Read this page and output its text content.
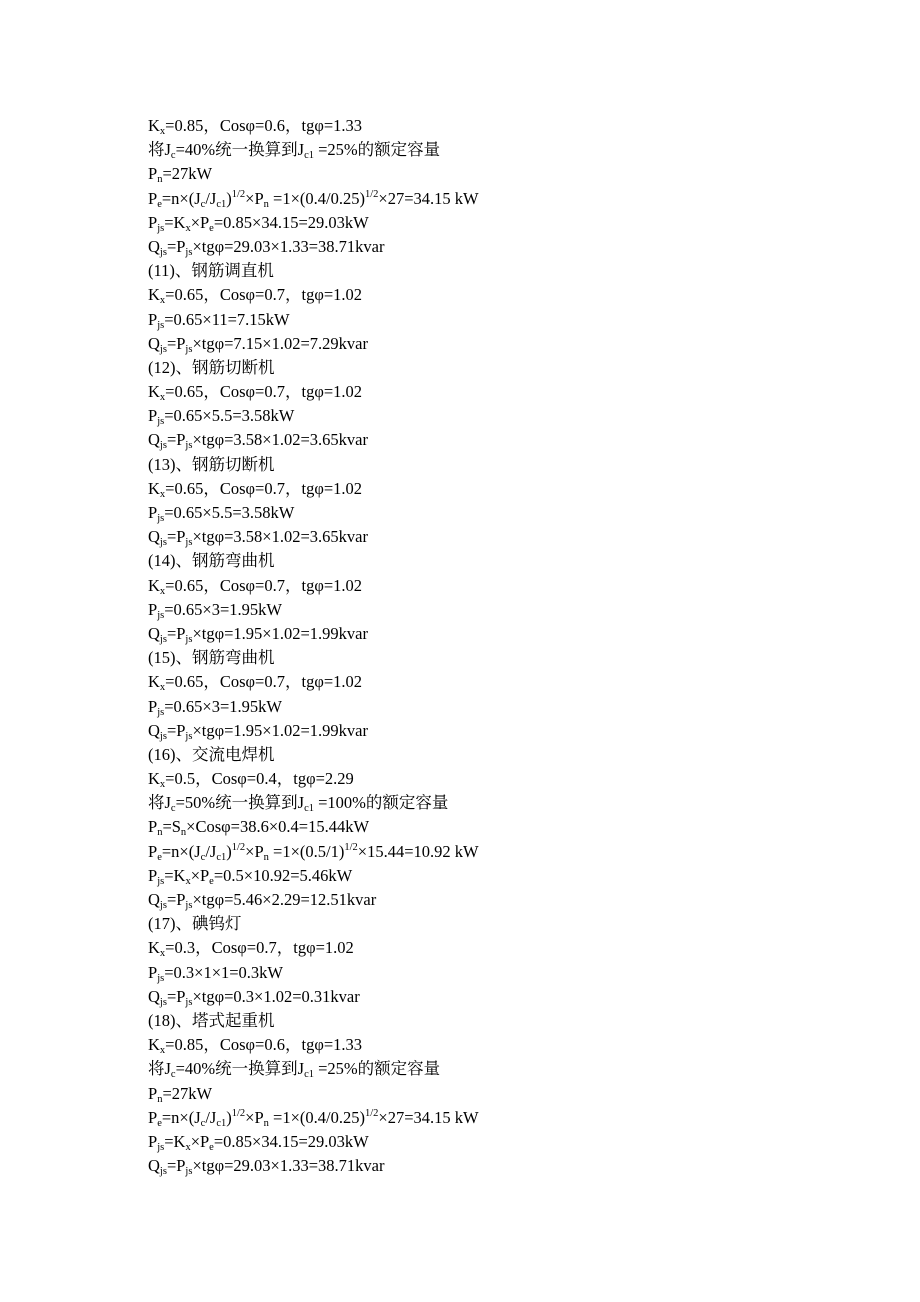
$K_x=0.85$，Cosφ=0.6，tgφ=1.33
将$J_c=40\%$统一换算到$J_{c1} =25\%$的额定容量
$P_n=27kW$
$P_e=n\times(J_c/J_{c1})^{1/2}\times P_n =1\times(0.4/0.25)^{1/2}\times 27=34.15$ kW
$P_{js}=K_x\times P_e=0.85\times 34.15=29.03kW$
$Q_{js}=P_{js}\times tg\varphi=29.03\times 1.33=38.71kvar$
(11)、钢筋调直机
$K_x=0.65$，Cosφ=0.7，tgφ=1.02
$P_{js}=0.65\times 11=7.15kW$
$Q_{js}=P_{js}\times tg\varphi=7.15\times 1.02=7.29kvar$
(12)、钢筋切断机
$K_x=0.65$，Cosφ=0.7，tgφ=1.02
$P_{js}=0.65\times 5.5=3.58kW$
$Q_{js}=P_{js}\times tg\varphi=3.58\times 1.02=3.65kvar$
(13)、钢筋切断机
$K_x=0.65$，Cosφ=0.7，tgφ=1.02
$P_{js}=0.65\times 5.5=3.58kW$
$Q_{js}=P_{js}\times tg\varphi=3.58\times 1.02=3.65kvar$
(14)、钢筋弯曲机
$K_x=0.65$，Cosφ=0.7，tgφ=1.02
$P_{js}=0.65\times 3=1.95kW$
$Q_{js}=P_{js}\times tg\varphi=1.95\times 1.02=1.99kvar$
(15)、钢筋弯曲机
$K_x=0.65$，Cosφ=0.7，tgφ=1.02
$P_{js}=0.65\times 3=1.95kW$
$Q_{js}=P_{js}\times tg\varphi=1.95\times 1.02=1.99kvar$
(16)、交流电焊机
$K_x=0.5$，Cosφ=0.4，tgφ=2.29
将$J_c=50\%$统一换算到$J_{c1} =100\%$的额定容量
$P_n=S_n\times Cos\varphi=38.6\times 0.4=15.44kW$
$P_e=n\times(J_c/J_{c1})^{1/2}\times P_n =1\times(0.5/1)^{1/2}\times 15.44=10.92$ kW
$P_{js}=K_x\times P_e=0.5\times 10.92=5.46kW$
$Q_{js}=P_{js}\times tg\varphi=5.46\times 2.29=12.51kvar$
(17)、碘钨灯
$K_x=0.3$，Cosφ=0.7，tgφ=1.02
$P_{js}=0.3\times 1\times 1=0.3kW$
$Q_{js}=P_{js}\times tg\varphi=0.3\times 1.02=0.31kvar$
(18)、塔式起重机
$K_x=0.85$，Cosφ=0.6，tgφ=1.33
将$J_c=40\%$统一换算到$J_{c1} =25\%$的额定容量
$P_n=27kW$
$P_e=n\times(J_c/J_{c1})^{1/2}\times P_n =1\times(0.4/0.25)^{1/2}\times 27=34.15$ kW
$P_{js}=K_x\times P_e=0.85\times 34.15=29.03kW$
$Q_{js}=P_{js}\times tg\varphi=29.03\times 1.33=38.71kvar$
